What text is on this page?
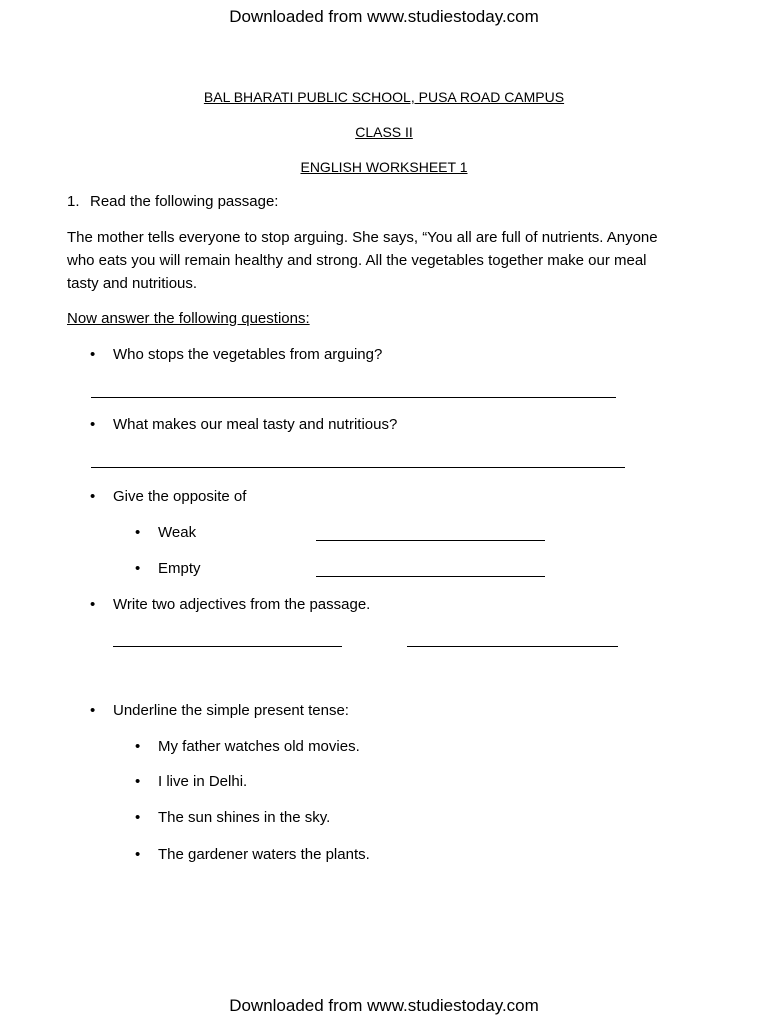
Downloaded from www.studiestoday.com
BAL BHARATI PUBLIC SCHOOL, PUSA ROAD CAMPUS
CLASS II
ENGLISH WORKSHEET 1
1. Read the following passage:
The mother tells everyone to stop arguing. She says, “You all are full of nutrients. Anyone
who eats you will remain healthy and strong. All the vegetables together make our meal
tasty and nutritious.
Now answer the following questions:
• Who stops the vegetables from arguing?
• What makes our meal tasty and nutritious?
• Give the opposite of
• Weak
• Empty
• Write two adjectives from the passage.
• Underline the simple present tense:
• My father watches old movies.
• I live in Delhi.
• The sun shines in the sky.
• The gardener waters the plants.
Downloaded from www.studiestoday.com
